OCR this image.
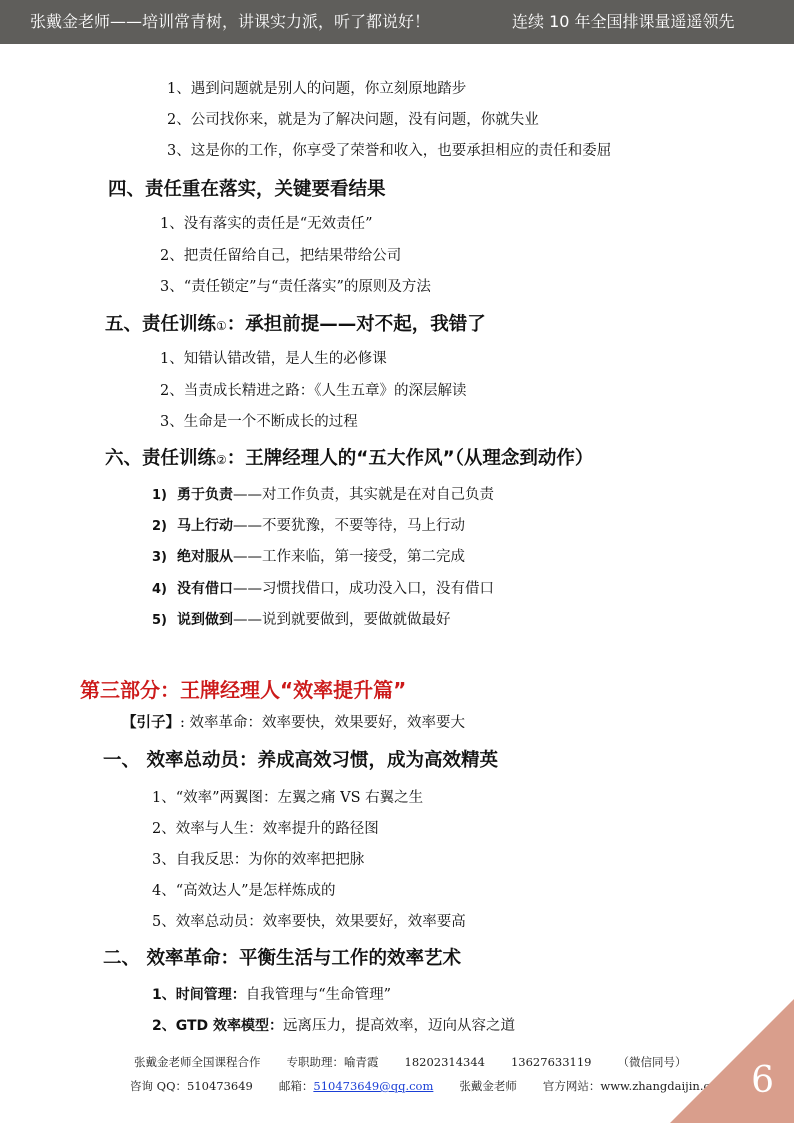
张戴金老师——培训常青树，讲课实力派，听了都说好！	连续 10 年全国排课量遥遥领先
1、遇到问题就是别人的问题，你立刻原地踏步
2、公司找你来，就是为了解决问题，没有问题，你就失业
3、这是你的工作，你享受了荣誉和收入，也要承担相应的责任和委屈
四、责任重在落实，关键要看结果
1、没有落实的责任是“无效责任”
2、把责任留给自己，把结果带给公司
3、“责任锁定”与“责任落实”的原则及方法
五、责任训练①：承担前提——对不起，我错了
1、知错认错改错，是人生的必修课
2、当责成长精进之路：《人生五章》的深层解读
3、生命是一个不断成长的过程
六、责任训练②：王牌经理人的“五大作风”（从理念到动作）
1) 勇于负责——对工作负责，其实就是在对自己负责
2) 马上行动——不要犹豫，不要等待，马上行动
3) 绝对服从——工作来临，第一接受，第二完成
4) 没有借口——习惯找借口，成功没入口，没有借口
5) 说到做到——说到就要做到，要做就做最好
第三部分：王牌经理人“效率提升篇”
【引子】: 效率革命：效率要快，效果要好，效率要大
一、 效率总动员：养成高效习惯，成为高效精英
1、“效率”两翼图：左翼之痛 VS 右翼之生
2、效率与人生：效率提升的路径图
3、自我反思：为你的效率把把脉
4、“高效达人”是怎样炼成的
5、效率总动员：效率要快，效果要好，效率要高
二、 效率革命：平衡生活与工作的效率艺术
1、时间管理：自我管理与“生命管理”
2、GTD 效率模型：远离压力，提高效率，迈向从容之道
张戴金老师全国课程合作 专职助理：喻青霞 18202314344 13627633119 （微信同号）
咨询 QQ：510473649 邮箱：510473649@qq.com 张戴金老师 官方网站：www.zhangdaijin.com 6
